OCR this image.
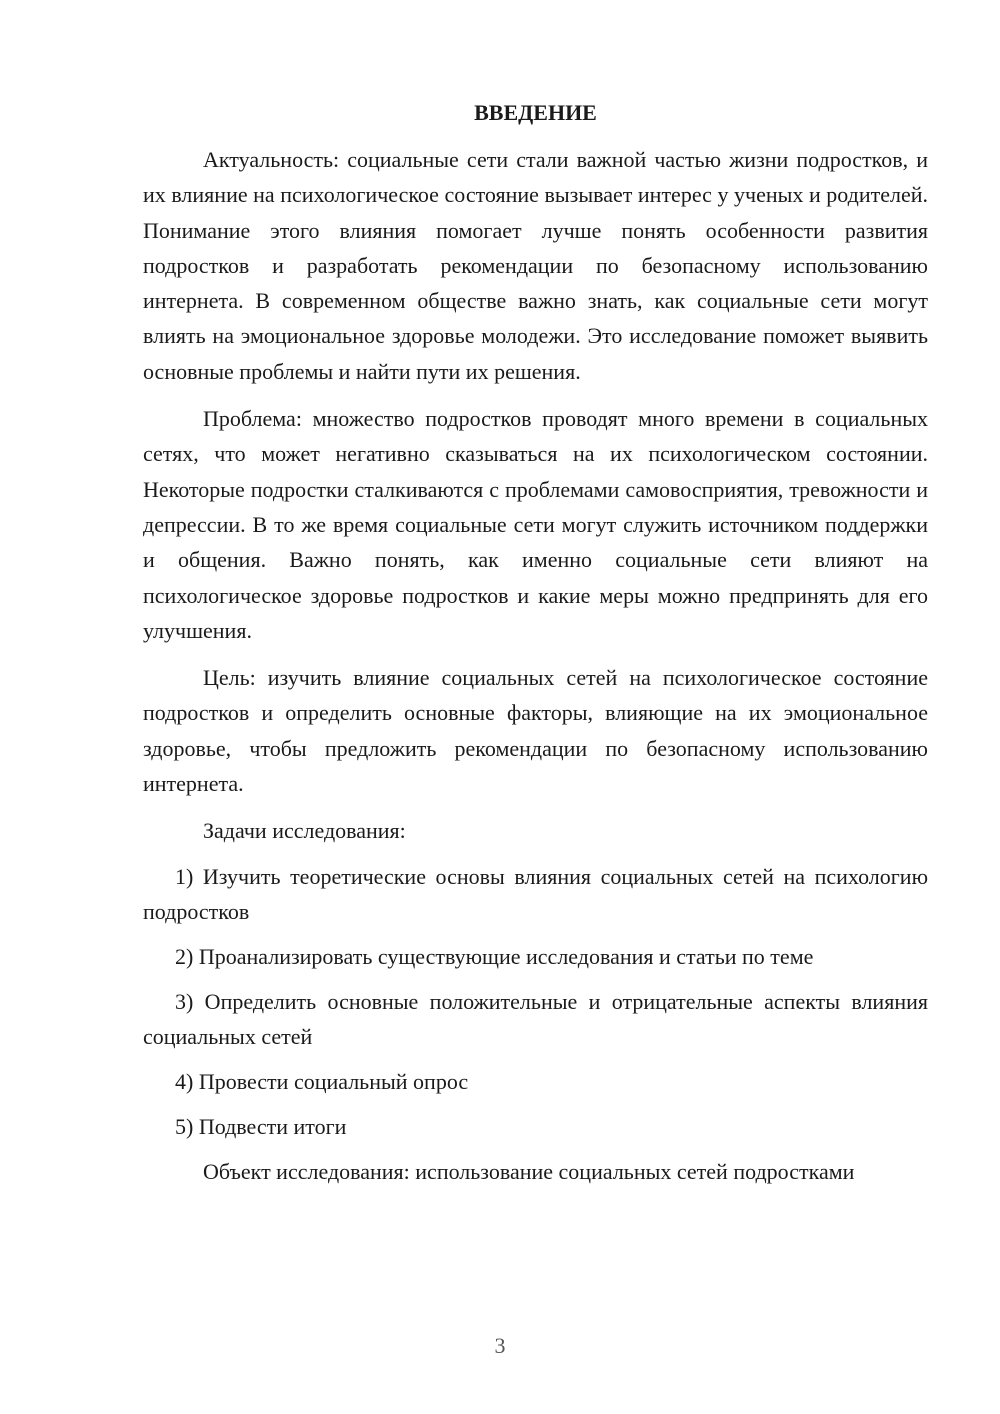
ВВЕДЕНИЕ

Актуальность: социальные сети стали важной частью жизни подростков, и их влияние на психологическое состояние вызывает интерес у ученых и родителей. Понимание этого влияния помогает лучше понять особенности развития подростков и разработать рекомендации по безопасному использованию интернета. В современном обществе важно знать, как социальные сети могут влиять на эмоциональное здоровье молодежи. Это исследование поможет выявить основные проблемы и найти пути их решения.

Проблема: множество подростков проводят много времени в социальных сетях, что может негативно сказываться на их психологическом состоянии. Некоторые подростки сталкиваются с проблемами самовосприятия, тревожности и депрессии. В то же время социальные сети могут служить источником поддержки и общения. Важно понять, как именно социальные сети влияют на психологическое здоровье подростков и какие меры можно предпринять для его улучшения.

Цель: изучить влияние социальных сетей на психологическое состояние подростков и определить основные факторы, влияющие на их эмоциональное здоровье, чтобы предложить рекомендации по безопасному использованию интернета.

Задачи исследования:

1) Изучить теоретические основы влияния социальных сетей на психологию подростков

2) Проанализировать существующие исследования и статьи по теме

3) Определить основные положительные и отрицательные аспекты влияния социальных сетей

4) Провести социальный опрос

5) Подвести итоги

Объект исследования: использование социальных сетей подростками

3
